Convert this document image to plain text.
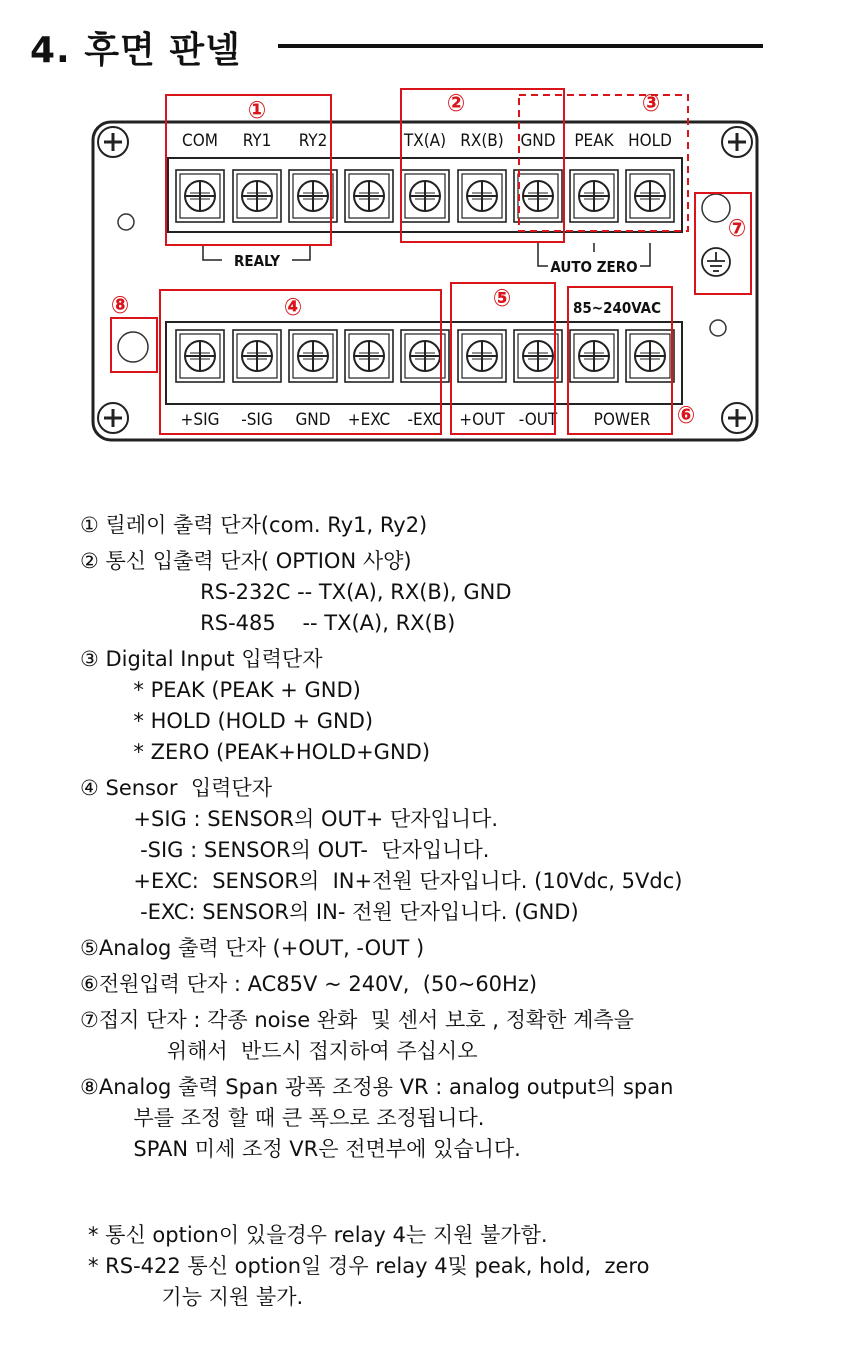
4. 후면 판넬
COM RY1 RY2	TX(A) RX(B) GND PEAK HOLD
+SIG -SIG GND +EXC -EXC +OUT -OUT POWER
85~240VAC
REALY	AUTO ZERO
①	②	③
④	⑤
⑥
⑦
⑧
① 릴레이 출력 단자(com. Ry1, Ry2)
② 통신 입출력 단자( OPTION 사양)
RS-232C -- TX(A), RX(B), GND
RS-485    -- TX(A), RX(B)
③ Digital Input 입력단자
* PEAK (PEAK + GND)
* HOLD (HOLD + GND)
* ZERO (PEAK+HOLD+GND)
④ Sensor  입력단자
+SIG : SENSOR의 OUT+ 단자입니다.
-SIG : SENSOR의 OUT-  단자입니다.
+EXC:  SENSOR의  IN+전원 단자입니다. (10Vdc, 5Vdc)
-EXC: SENSOR의 IN- 전원 단자입니다. (GND)
⑤Analog 출력 단자 (+OUT, -OUT )
⑥전원입력 단자 : AC85V ~ 240V,  (50~60Hz)
⑦접지 단자 : 각종 noise 완화  및 센서 보호 , 정확한 계측을
위해서  반드시 접지하여 주십시오
⑧Analog 출력 Span 광폭 조정용 VR : analog output의 span
부를 조정 할 때 큰 폭으로 조정됩니다.
SPAN 미세 조정 VR은 전면부에 있습니다.
* 통신 option이 있을경우 relay 4는 지원 불가함.
* RS-422 통신 option일 경우 relay 4및 peak, hold,  zero
기능 지원 불가.
